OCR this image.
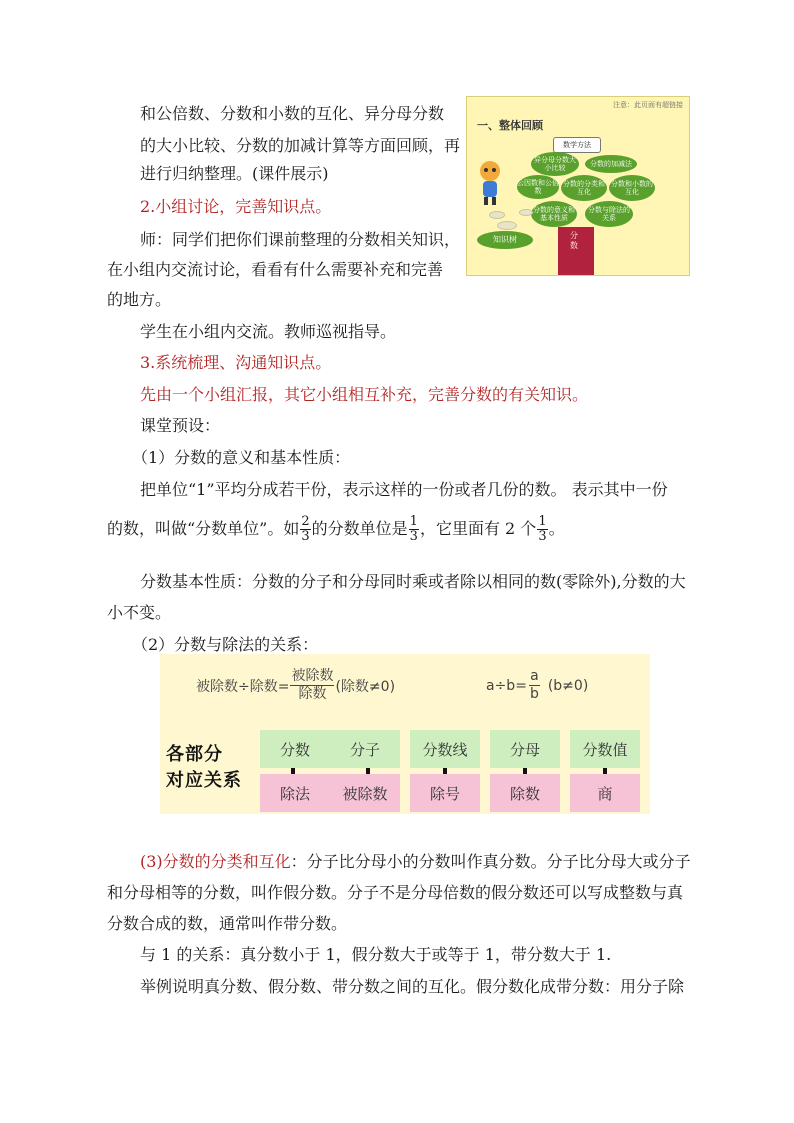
和公倍数、分数和小数的互化、异分母分数
的大小比较、分数的加减计算等方面回顾，再
进行归纳整理。(课件展示)
2.小组讨论，完善知识点。
师：同学们把你们课前整理的分数相关知识，
在小组内交流讨论，看看有什么需要补充和完善
的地方。
学生在小组内交流。教师巡视指导。
3.系统梳理、沟通知识点。
先由一个小组汇报，其它小组相互补充，完善分数的有关知识。
课堂预设：
（1）分数的意义和基本性质：
把单位“1”平均分成若干份，表示这样的一份或者几份的数。 表示其中一份
的数，叫做“分数单位”。如 $\frac{2}{3}$ 的分数单位是 $\frac{1}{3}$ ，它里面有 2 个 $\frac{1}{3}$ 。
分数基本性质：分数的分子和分母同时乘或者除以相同的数(零除外),分数的大
小不变。
（2）分数与除法的关系：
注意：此页面有超链接
一、整体回顾
数学方法
异分母分数大小比较	分数的加减法
公因数和公倍数
分数的分类和互化
分数和小数的互化
分数的意义和基本性质
分数与除法的关系
分数
知识树
被除数÷除数= $\frac{\text{被除数}}{\text{除数}}$ (除数≠0)	$a\div b= \frac{a}{b} (b\ne 0)$
各部分
对应关系
分数	分子	分数线	分母	分数值
除法	被除数	除号	除数	商
(3)分数的分类和互化：分子比分母小的分数叫作真分数。分子比分母大或分子
和分母相等的分数，叫作假分数。分子不是分母倍数的假分数还可以写成整数与真
分数合成的数，通常叫作带分数。
与 1 的关系：真分数小于 1，假分数大于或等于 1，带分数大于 1.
举例说明真分数、假分数、带分数之间的互化。假分数化成带分数：用分子除
